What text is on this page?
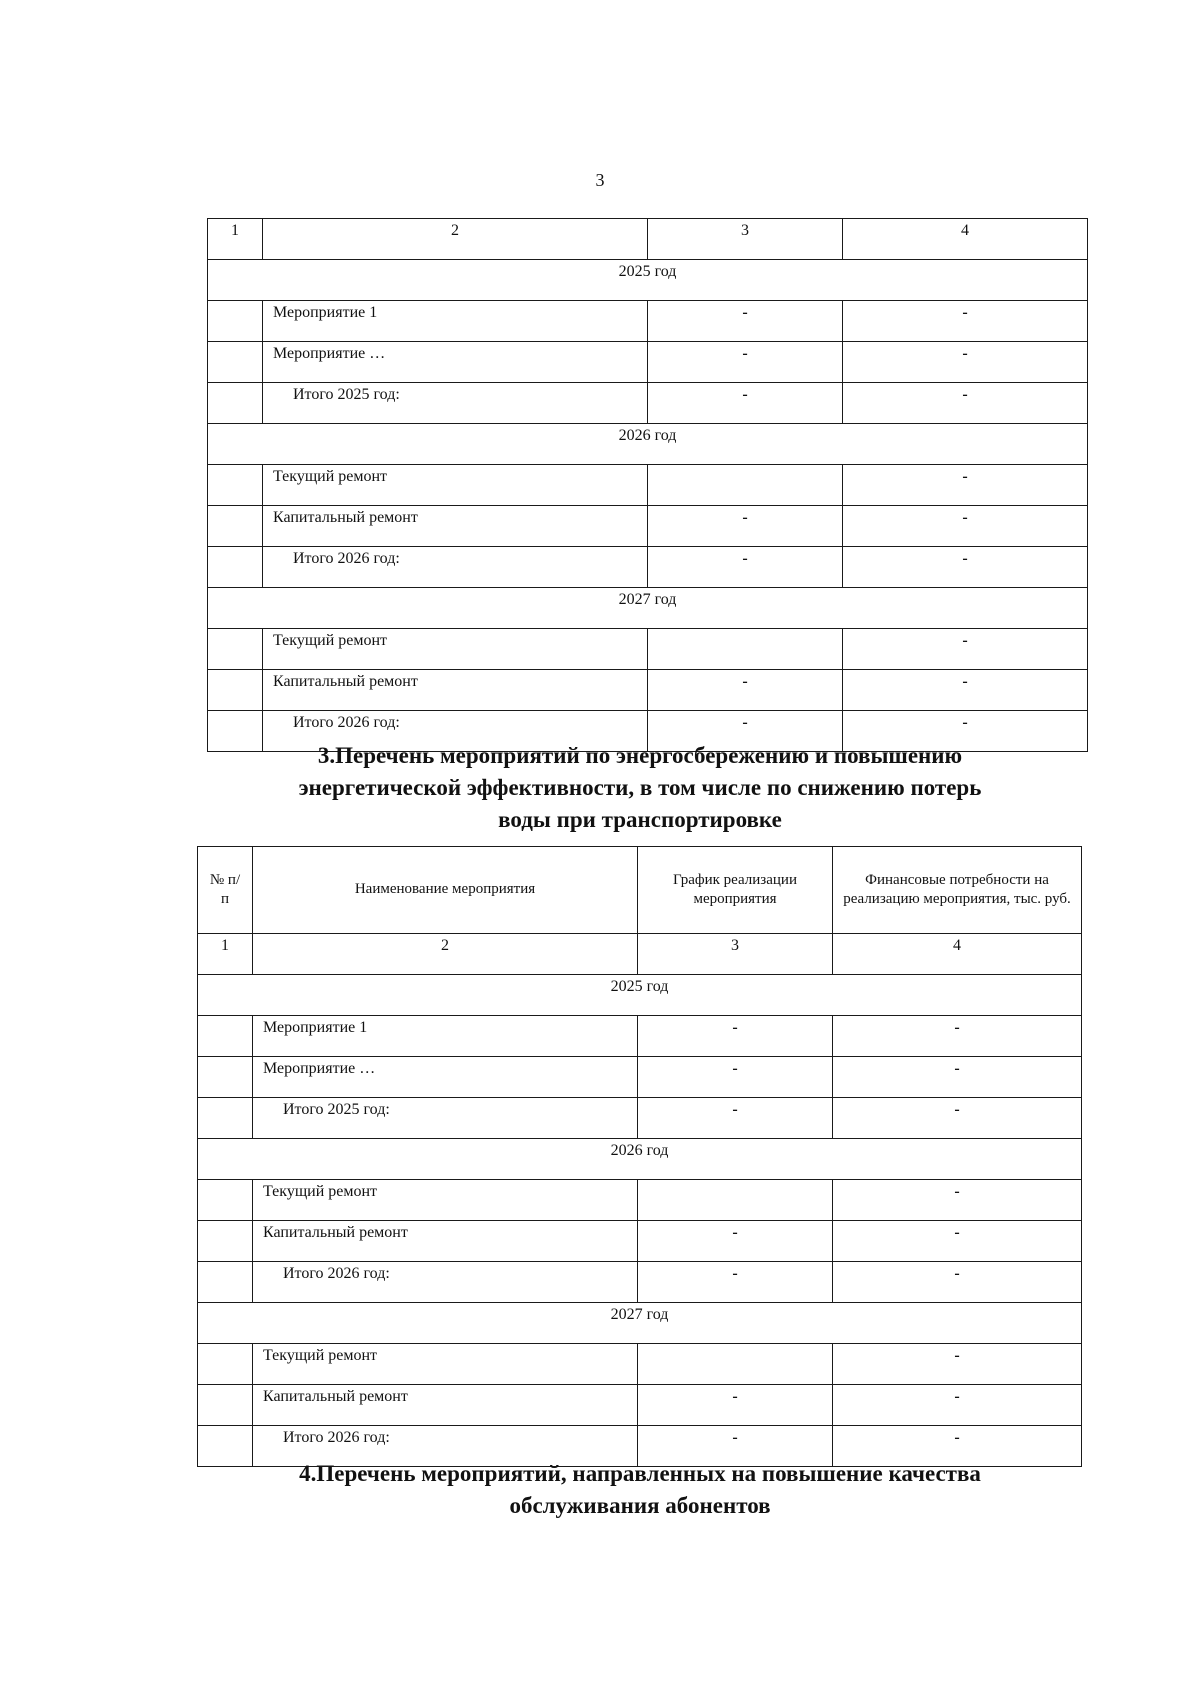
3
1	2	3	4
2025 год			
	Мероприятие 1	-	-
	Мероприятие …	-	-
	Итого 2025 год:	-	-
2026 год			
	Текущий ремонт		-
	Капитальный ремонт	-	-
	Итого 2026 год:	-	-
2027 год			
	Текущий ремонт		-
	Капитальный ремонт	-	-
	Итого 2026 год:	-	-
3.Перечень мероприятий по энергосбережению и повышению
энергетической эффективности, в том числе по снижению потерь
воды при транспортировке
№ п/п	Наименование мероприятия	График реализации мероприятия	Финансовые потребности на реализацию мероприятия, тыс. руб.
1	2	3	4
2025 год			
	Мероприятие 1	-	-
	Мероприятие …	-	-
	Итого 2025 год:	-	-
2026 год			
	Текущий ремонт		-
	Капитальный ремонт	-	-
	Итого 2026 год:	-	-
2027 год			
	Текущий ремонт		-
	Капитальный ремонт	-	-
	Итого 2026 год:	-	-
4.Перечень мероприятий, направленных на повышение качества
обслуживания абонентов
